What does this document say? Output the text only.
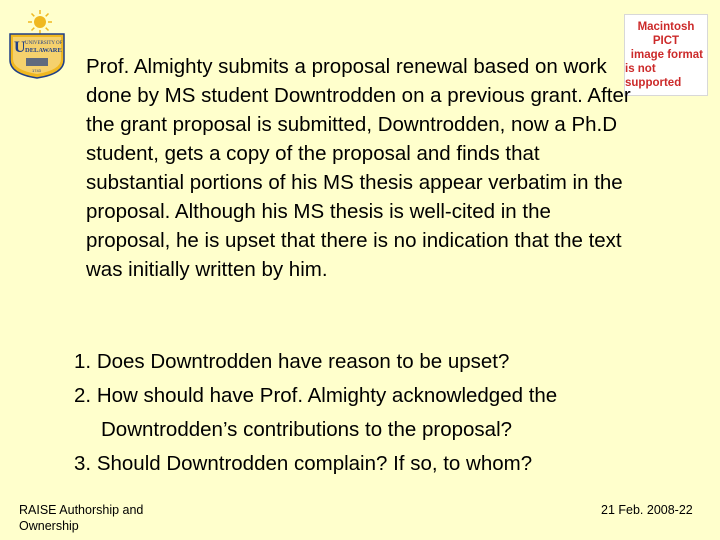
U UNIVERSITY OF
DELAWARE
1743
Macintosh PICT
image format
is not supported
Prof. Almighty submits a proposal renewal based on work done by MS student Downtrodden on a previous grant. After the grant proposal is submitted, Downtrodden, now a Ph.D student, gets a copy of the proposal and finds that substantial portions of his MS thesis appear verbatim in the proposal. Although his MS thesis is well-cited in the proposal, he is upset that there is no indication that the text was initially written by him.
1. Does Downtrodden have reason to be upset?
2. How should have Prof. Almighty acknowledged the Downtrodden’s contributions to the proposal?
3. Should Downtrodden complain? If so, to whom?
RAISE Authorship and Ownership
21 Feb. 2008-22
